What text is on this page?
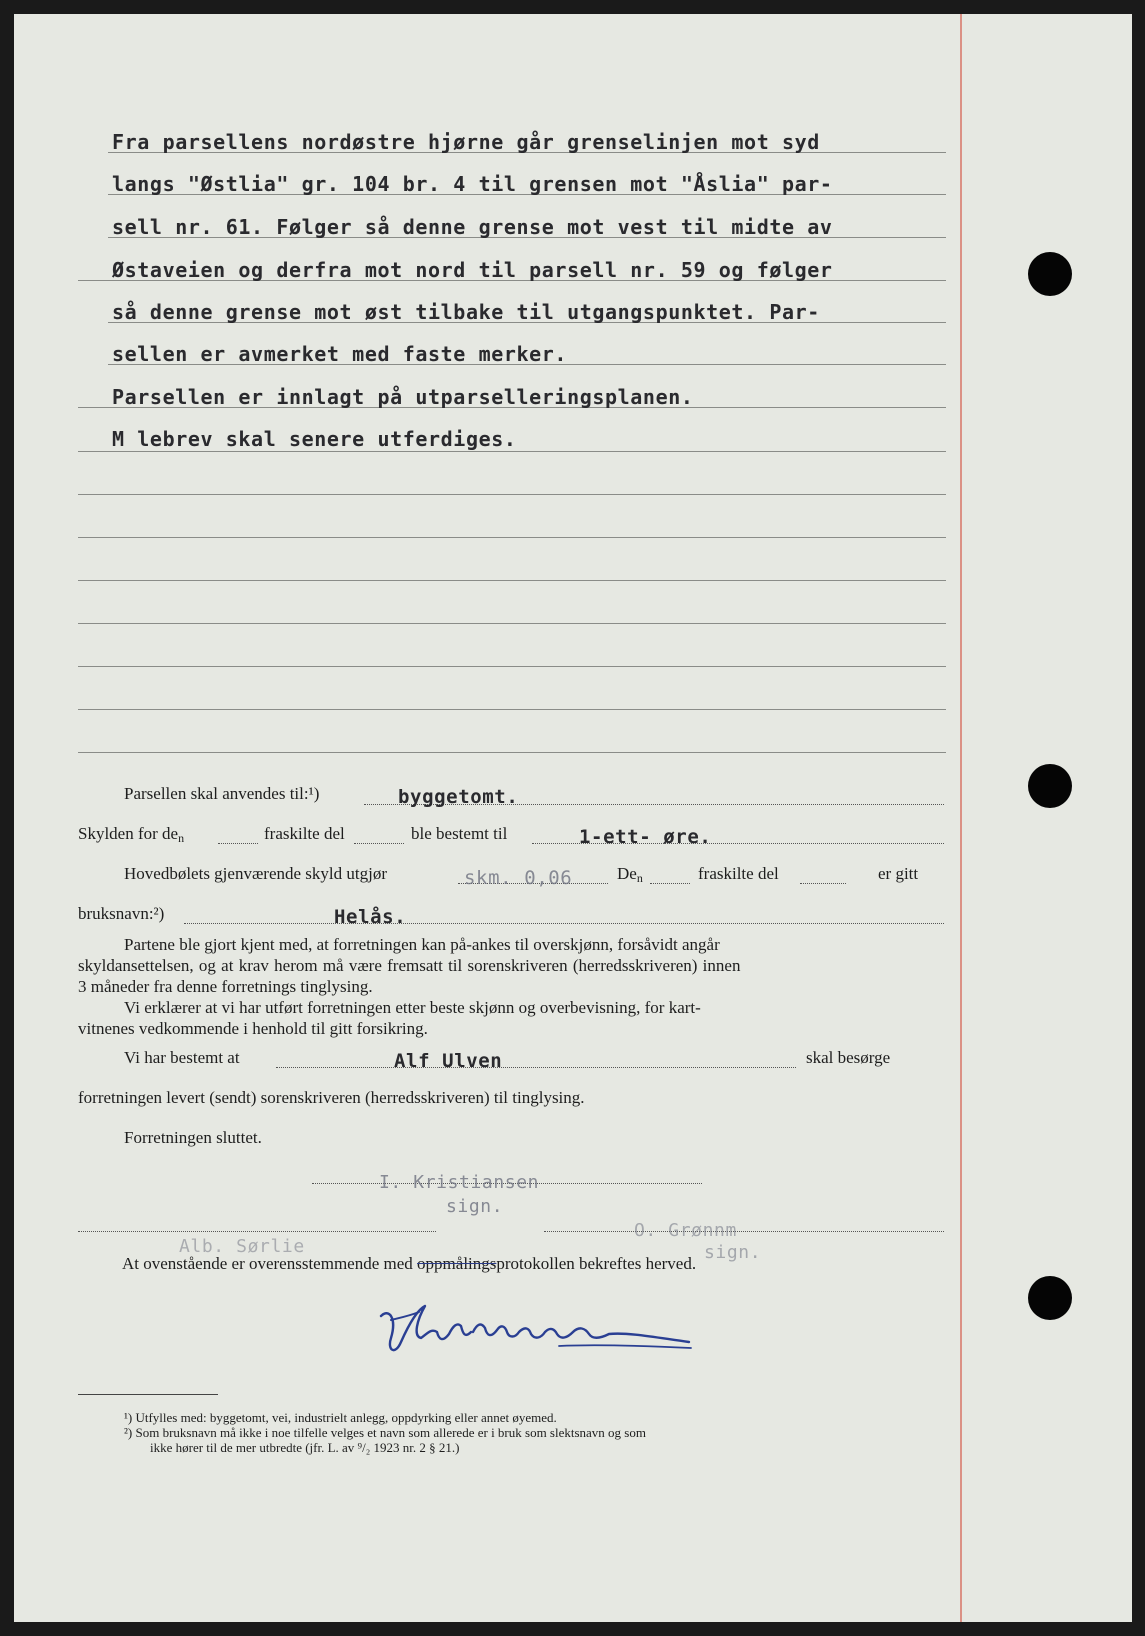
Fra parsellens nordøstre hjørne går grenselinjen mot syd
langs "Østlia" gr. 104 br. 4 til grensen mot "Åslia" par-
sell nr. 61. Følger så denne grense mot vest til midte av
Østaveien og derfra mot nord til parsell nr. 59 og følger
så denne grense mot øst tilbake til utgangspunktet. Par-
sellen er avmerket med faste merker.
Parsellen er innlagt på utparselleringsplanen.
M lebrev skal senere utferdiges.
Parsellen skal anvendes til:¹)	byggetomt.
Skylden for den	fraskilte del	ble bestemt til	1-ett- øre.
Hovedbølets gjenværende skyld utgjør	skm. 0,06	Den	fraskilte del	er gitt
bruksnavn:²)	Helås.
Partene ble gjort kjent med, at forretningen kan på-ankes til overskjønn, forsåvidt angår
skyldansettelsen, og at krav herom må være fremsatt til sorenskriveren (herredsskriveren) innen
3 måneder fra denne forretnings tinglysing.
Vi erklærer at vi har utført forretningen etter beste skjønn og overbevisning, for kart-
vitnenes vedkommende i henhold til gitt forsikring.
Vi har bestemt at	Alf Ulven	skal besørge
forretningen levert (sendt) sorenskriveren (herredsskriveren) til tinglysing.
Forretningen sluttet.
I. Kristiansen
sign.
O. Grønnm
sign.
Alb. Sørlie
At ovenstående er overensstemmende med oppmålingsprotokollen bekreftes herved.
¹) Utfylles med: byggetomt, vei, industrielt anlegg, oppdyrking eller annet øyemed.
²) Som bruksnavn må ikke i noe tilfelle velges et navn som allerede er i bruk som slektsnavn og som
ikke hører til de mer utbredte (jfr. L. av ⁹/₂ 1923 nr. 2 § 21.)
